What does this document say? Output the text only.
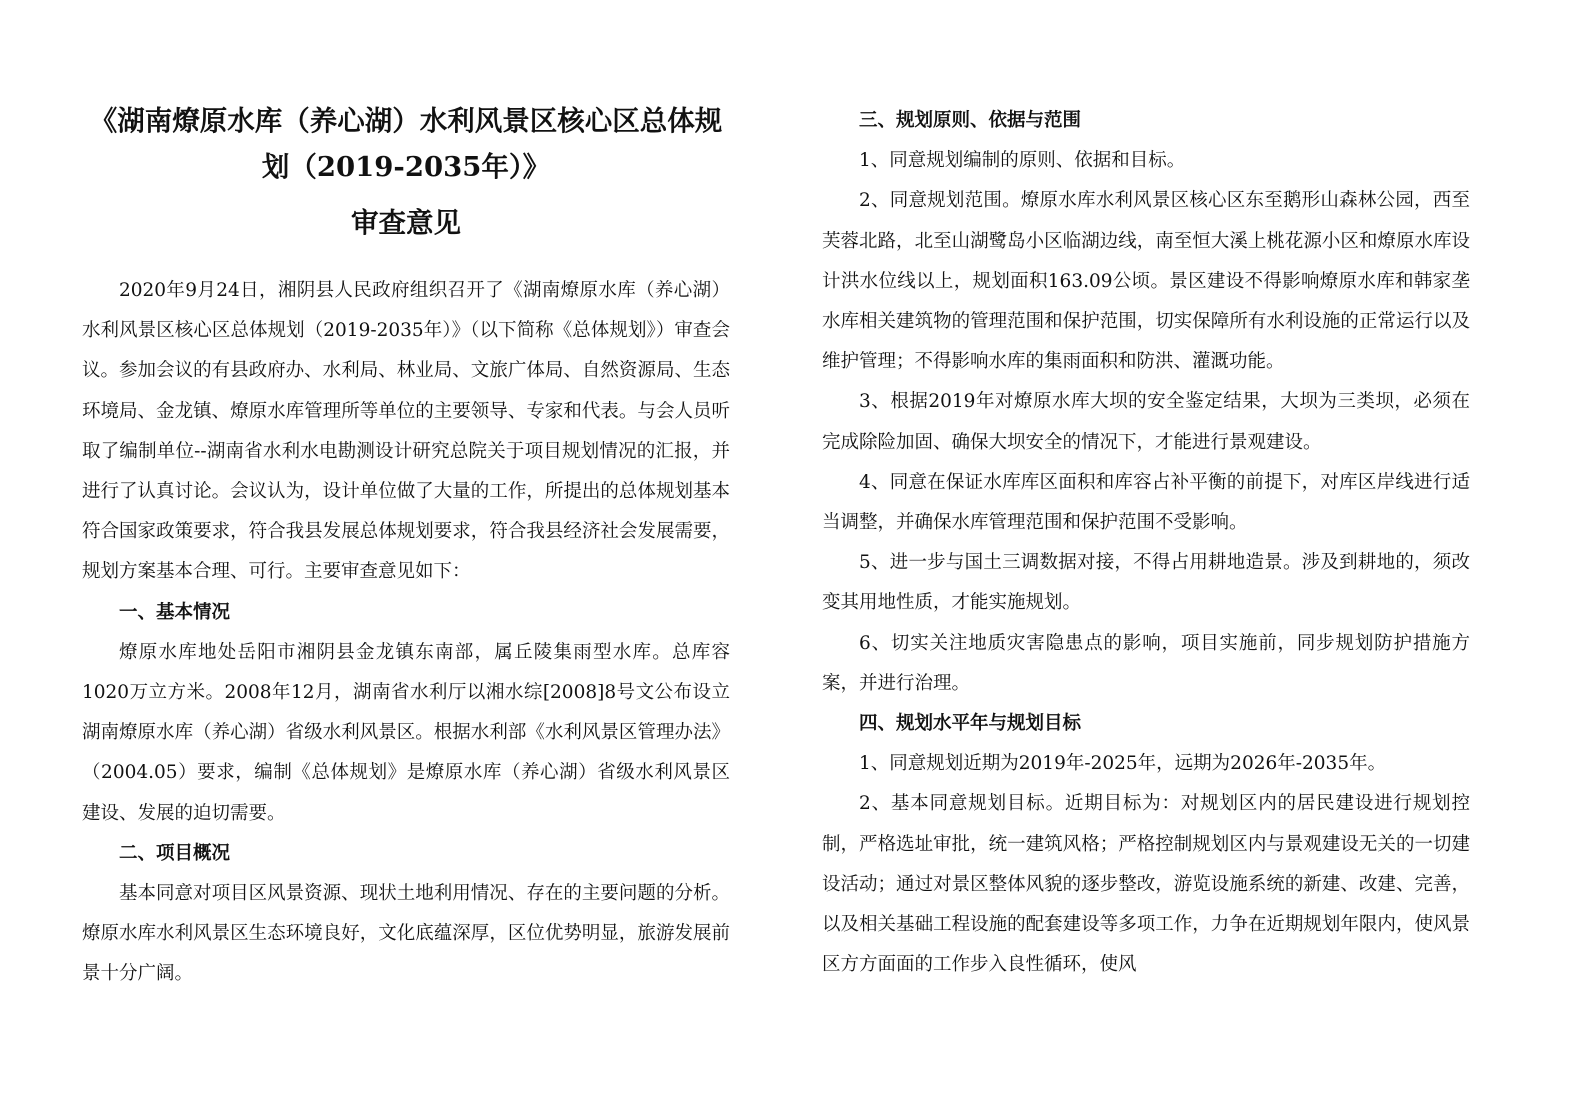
《湖南燎原水库（养心湖）水利风景区核心区总体规划（2019-2035年）》
审查意见

2020年9月24日，湘阴县人民政府组织召开了《湖南燎原水库（养心湖）水利风景区核心区总体规划（2019-2035年）》（以下简称《总体规划》）审查会议。参加会议的有县政府办、水利局、林业局、文旅广体局、自然资源局、生态环境局、金龙镇、燎原水库管理所等单位的主要领导、专家和代表。与会人员听取了编制单位--湖南省水利水电勘测设计研究总院关于项目规划情况的汇报，并进行了认真讨论。会议认为，设计单位做了大量的工作，所提出的总体规划基本符合国家政策要求，符合我县发展总体规划要求，符合我县经济社会发展需要，规划方案基本合理、可行。主要审查意见如下：

一、基本情况

燎原水库地处岳阳市湘阴县金龙镇东南部，属丘陵集雨型水库。总库容1020万立方米。2008年12月，湖南省水利厅以湘水综[2008]8号文公布设立湖南燎原水库（养心湖）省级水利风景区。根据水利部《水利风景区管理办法》（2004.05）要求，编制《总体规划》是燎原水库（养心湖）省级水利风景区建设、发展的迫切需要。

二、项目概况

基本同意对项目区风景资源、现状土地利用情况、存在的主要问题的分析。燎原水库水利风景区生态环境良好，文化底蕴深厚，区位优势明显，旅游发展前景十分广阔。

三、规划原则、依据与范围

1、同意规划编制的原则、依据和目标。

2、同意规划范围。燎原水库水利风景区核心区东至鹅形山森林公园，西至芙蓉北路，北至山湖鹭岛小区临湖边线，南至恒大溪上桃花源小区和燎原水库设计洪水位线以上，规划面积163.09公顷。景区建设不得影响燎原水库和韩家垄水库相关建筑物的管理范围和保护范围，切实保障所有水利设施的正常运行以及维护管理；不得影响水库的集雨面积和防洪、灌溉功能。

3、根据2019年对燎原水库大坝的安全鉴定结果，大坝为三类坝，必须在完成除险加固、确保大坝安全的情况下，才能进行景观建设。

4、同意在保证水库库区面积和库容占补平衡的前提下，对库区岸线进行适当调整，并确保水库管理范围和保护范围不受影响。

5、进一步与国土三调数据对接，不得占用耕地造景。涉及到耕地的，须改变其用地性质，才能实施规划。

6、切实关注地质灾害隐患点的影响，项目实施前，同步规划防护措施方案，并进行治理。

四、规划水平年与规划目标

1、同意规划近期为2019年-2025年，远期为2026年-2035年。

2、基本同意规划目标。近期目标为：对规划区内的居民建设进行规划控制，严格选址审批，统一建筑风格；严格控制规划区内与景观建设无关的一切建设活动；通过对景区整体风貌的逐步整改，游览设施系统的新建、改建、完善，以及相关基础工程设施的配套建设等多项工作，力争在近期规划年限内，使风景区方方面面的工作步入良性循环，使风
